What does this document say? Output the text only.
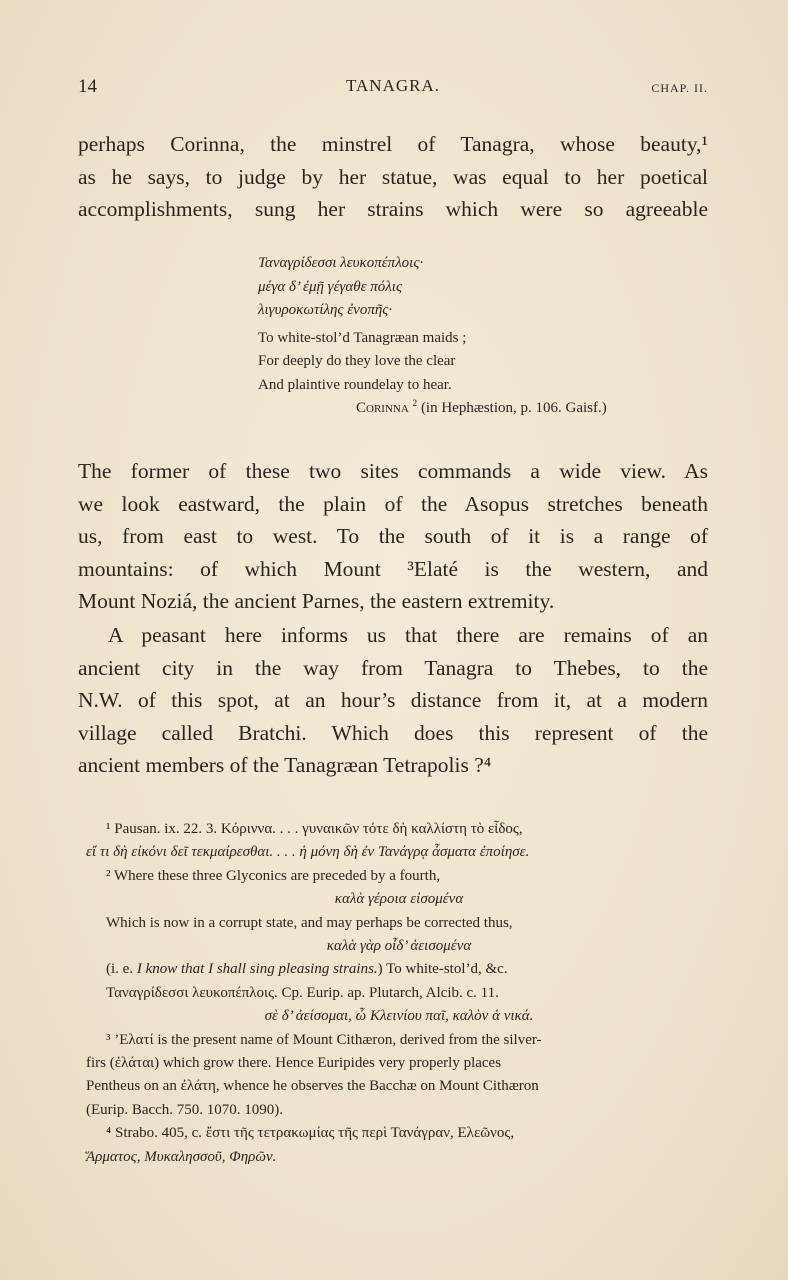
14	TANAGRA.	CHAP. II.
perhaps Corinna, the minstrel of Tanagra, whose beauty,¹
as he says, to judge by her statue, was equal to her poetical
accomplishments, sung her strains which were so agreeable
Ταναγρίδεσσι λευκοπέπλοις·
μέγα δ’ ἐμῇ γέγαθε πόλις
λιγυροκωτίλης ἐνοπῆς·
To white-stol’d Tanagræan maids ;
For deeply do they love the clear
And plaintive roundelay to hear.
Corinna $^2$ (in Hephæstion, p. 106. Gaisf.)
The former of these two sites commands a wide view. As
we look eastward, the plain of the Asopus stretches beneath
us, from east to west. To the south of it is a range of
mountains: of which Mount ³Elaté is the western, and
Mount Noziá, the ancient Parnes, the eastern extremity.
A peasant here informs us that there are remains of an
ancient city in the way from Tanagra to Thebes, to the
N.W. of this spot, at an hour’s distance from it, at a modern
village called Bratchi. Which does this represent of the
ancient members of the Tanagræan Tetrapolis ?⁴
¹ Pausan. ix. 22. 3. Κόριννα. . . . γυναικῶν τότε δὴ καλλίστη τὸ εἶδος,
εἴ τι δὴ εἰκόνι δεῖ τεκμαίρεσθαι. . . . ἡ μόνη δὴ ἐν Τανάγρᾳ ἆσματα ἐποίησε.
² Where these three Glyconics are preceded by a fourth,
καλὰ γέροια εἰσομένα
Which is now in a corrupt state, and may perhaps be corrected thus,
καλὰ γὰρ οἶδ’ ἀεισομένα
(i. e. I know that I shall sing pleasing strains.) To white-stol’d, &c.
Ταναγρίδεσσι λευκοπέπλοις. Cp. Eurip. ap. Plutarch, Alcib. c. 11.
σὲ δ’ ἀείσομαι, ὦ Κλεινίου παῖ, καλὸν ἁ νικά.
³ ’Ελατί is the present name of Mount Cithæron, derived from the silver-
firs (ἐλάται) which grow there. Hence Euripides very properly places
Pentheus on an ἐλάτη, whence he observes the Bacchæ on Mount Cithæron
(Eurip. Bacch. 750. 1070. 1090).
⁴ Strabo. 405, c. ἔστι τῆς τετρακωμίας τῆς περὶ Τανάγραν, Ελεῶνος,
Ἅρματος, Μυκαλησσοῦ, Φηρῶν.
